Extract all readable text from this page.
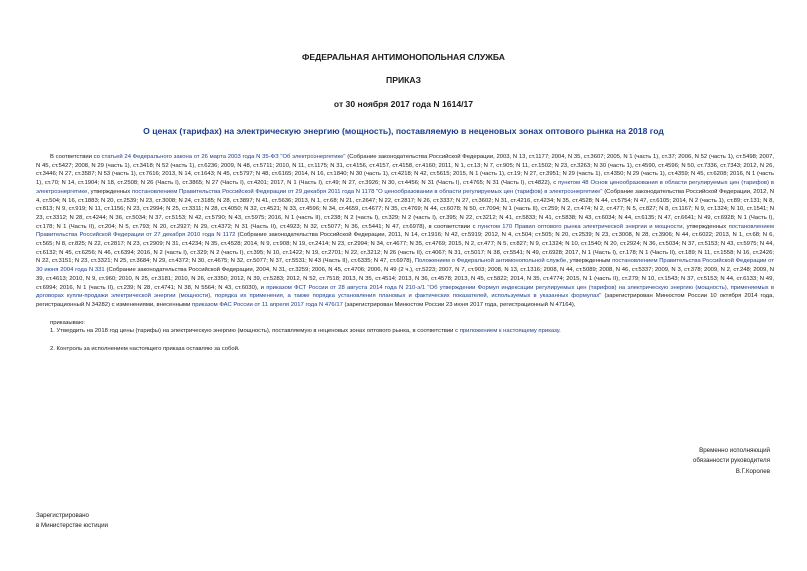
ФЕДЕРАЛЬНАЯ АНТИМОНОПОЛЬНАЯ СЛУЖБА
ПРИКАЗ
от 30 ноября 2017 года N 1614/17
О ценах (тарифах) на электрическую энергию (мощность), поставляемую в неценовых зонах оптового рынка на 2018 год

В соответствии со статьей 24 Федерального закона от 26 марта 2003 года N 35-ФЗ "Об электроэнергетике" (Собрание законодательства Российской Федерации, 2003, N 13, ст.1177; 2004, N 35, ст.3607; 2005, N 1 (часть 1), ст.37; 2006, N 52 (часть 1), ст.5498; 2007, N 45, ст.5427; 2008, N 29 (часть 1), ст.3418; N 52 (часть 1), ст.6236; 2009, N 48, ст.5711; 2010, N 11, ст.1175; N 31, ст.4156, ст.4157, ст.4158, ст.4160; 2011, N 1, ст.13; N 7, ст.905; N 11, ст.1502; N 23, ст.3263; N 30 (часть 1), ст.4590, ст.4596; N 50, ст.7336, ст.7343; 2012, N 26, ст.3446; N 27, ст.3587; N 53 (часть 1), ст.7616; 2013, N 14, ст.1643; N 45, ст.5797; N 48, ст.6165; 2014, N 16, ст.1840; N 30 (часть 1), ст.4218; N 42, ст.5615; 2015, N 1 (часть 1), ст.19; N 27, ст.3951; N 29 (часть 1), ст.4350; N 29 (часть 1), ст.4359; N 45, ст.6208; 2016, N 1 (часть 1), ст.70; N 14, ст.1904; N 18, ст.2508; N 26 (Часть I), ст.3865; N 27 (Часть I), ст.4201; 2017, N 1 (Часть I), ст.49; N 27, ст.3926; N 30, ст.4456; N 31 (Часть I), ст.4765; N 31 (Часть I), ст.4822), с пунктом 48 Основ ценообразования в области регулируемых цен (тарифов) в электроэнергетике, утвержденных постановлением Правительства Российской Федерации от 29 декабря 2011 года N 1178 "О ценообразовании в области регулируемых цен (тарифов) в электроэнергетике" (Собрание законодательства Российской Федерации, 2012, N 4, ст.504; N 16, ст.1883; N 20, ст.2539; N 23, ст.3008; N 24, ст.3185; N 28, ст.3897; N 41, ст.5636; 2013, N 1, ст.68; N 21, ст.2647; N 22, ст.2817; N 26, ст.3337; N 27, ст.3602; N 31, ст.4216, ст.4234; N 35, ст.4528; N 44, ст.5754; N 47, ст.6105; 2014, N 2 (часть 1), ст.89; ст.131; N 8, ст.813; N 9, ст.919; N 11, ст.1156; N 23, ст.2994; N 25, ст.3311; N 28, ст.4050; N 32, ст.4521; N 33, ст.4596; N 34, ст.4659, ст.4677; N 35, ст.4769; N 44, ст.6078; N 50, ст.7094; N 1 (часть II), ст.259; N 2, ст.474; N 2, ст.477; N 5, ст.827; N 8, ст.1167; N 9, ст.1324; N 10, ст.1541; N 23, ст.3312; N 28, ст.4244; N 36, ст.5034; N 37, ст.5153; N 42, ст.5790; N 43, ст.5975; 2016, N 1 (часть II), ст.238; N 2 (часть I), ст.329; N 2 (часть I), ст.395; N 22, ст.3212; N 41, ст.5833; N 41, ст.5838; N 43, ст.6034; N 44, ст.6135; N 47, ст.6641; N 49, ст.6928; N 1 (Часть I), ст.178; N 1 (Часть II), ст.204; N 5, ст.793; N 20, ст.2927; N 29, ст.4372; N 31 (Часть II), ст.4923; N 32, ст.5077; N 36, ст.5441; N 47, ст.6978), в соответствии с пунктом 170 Правил оптового рынка электрической энергии и мощности, утвержденных постановлением Правительства Российской Федерации от 27 декабря 2010 года N 1172 (Собрание законодательства Российской Федерации, 2011, N 14, ст.1916; N 42, ст.5919; 2012, N 4, ст.504; ст.505; N 20, ст.2539; N 23, ст.3008, N 28, ст.3906; N 44, ст.6022; 2013, N 1, ст.68; N 6, ст.565; N 8, ст.825; N 22, ст.2817; N 23, ст.2909; N 31, ст.4234; N 35, ст.4528; 2014, N 9, ст.908; N 19, ст.2414; N 23, ст.2994; N 34, ст.4677; N 35, ст.4769; 2015, N 2, ст.477; N 5, ст.827; N 9, ст.1324; N 10, ст.1540; N 20, ст.2924; N 36, ст.5034; N 37, ст.5153; N 43, ст.5975; N 44, ст.6132; N 45, ст.6256; N 46, ст.6394; 2016, N 2 (часть I), ст.329; N 2 (часть I), ст.395; N 10, ст.1422; N 19, ст.2701; N 22, ст.3212; N 26 (часть II), ст.4067; N 31, ст.5017; N 38, ст.5541; N 49, ст.6928; 2017, N 1 (Часть I), ст.178; N 1 (Часть II), ст.189; N 11, ст.1558; N 16, ст.2426; N 22, ст.3151; N 23, ст.3321; N 25, ст.3684; N 29, ст.4372; N 30, ст.4675; N 32, ст.5077; N 37, ст.5531; N 43 (Часть II), ст.6335; N 47, ст.6978), Положением о Федеральной антимонопольной службе, утвержденным постановлением Правительства Российской Федерации от 30 июня 2004 года N 331 (Собрание законодательства Российской Федерации, 2004, N 31, ст.3259; 2006, N 45, ст.4706; 2006, N 49 (2 ч.), ст.5223; 2007, N 7, ст.903; 2008, N 13, ст.1316; 2008, N 44, ст.5089; 2008, N 46, ст.5337; 2009, N 3, ст.378; 2009, N 2, ст.248; 2009, N 39, ст.4613; 2010, N 9, ст.960; 2010, N 25, ст.3181; 2010, N 26, ст.3350; 2012, N 39, ст.5283; 2012, N 52, ст.7518; 2013, N 35, ст.4514; 2013, N 36, ст.4578; 2013, N 45, ст.5822; 2014, N 35, ст.4774; 2015, N 1 (часть II), ст.279; N 10, ст.1543; N 37, ст.5153; N 44, ст.6133; N 49, ст.6994; 2016, N 1 (часть II), ст.239; N 28, ст.4741; N 38, N 5564; N 43, ст.6030), и приказом ФСТ России от 28 августа 2014 года N 210-э/1 "Об утверждении Формул индексации регулируемых цен (тарифов) на электрическую энергию (мощность), применяемых в договорах купли-продажи электрической энергии (мощности), порядка их применения, а также порядка установления плановых и фактических показателей, используемых в указанных формулах" (зарегистрирован Минюстом России 10 октября 2014 года, регистрационный N 34282) с изменениями, внесенными приказом ФАС России от 11 апреля 2017 года N 476/17 (зарегистрирован Минюстом России 23 июня 2017 года, регистрационный N 47164),

приказываю:

1. Утвердить на 2018 год цены (тарифы) на электрическую энергию (мощность), поставляемую в неценовых зонах оптового рынка, в соответствии с приложением к настоящему приказу.

2. Контроль за исполнением настоящего приказа оставляю за собой.

Временно исполняющий
обязанности руководителя
В.Г.Королев
Зарегистрировано
в Министерстве юстиции
